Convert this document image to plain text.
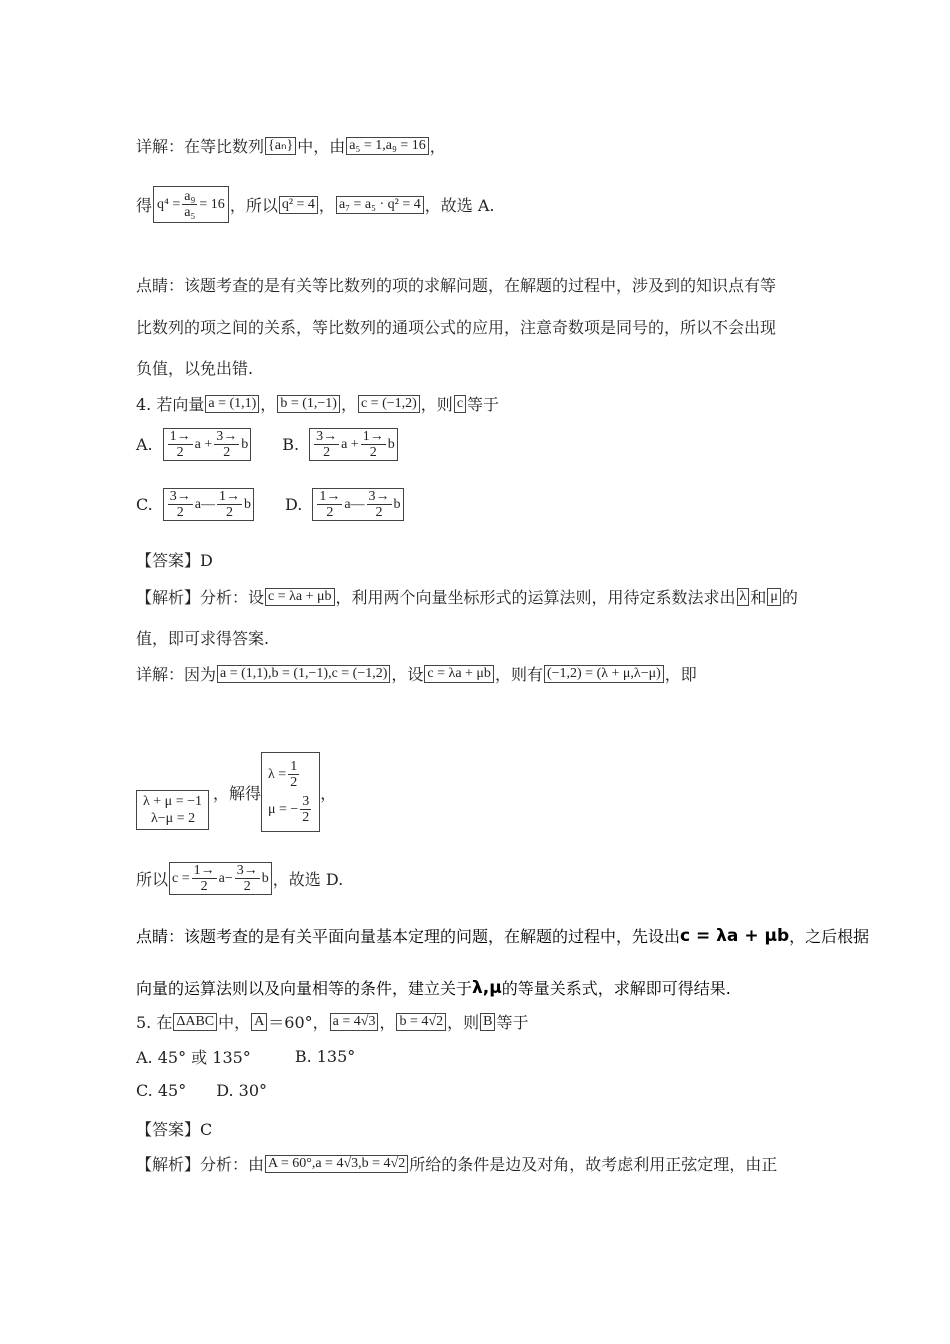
详解：在等比数列 {aₙ} 中，由 a₅ = 1,a₉ = 16 ，
得 $q^4 = \frac{\text{a₉}}{\text{a₅}} = 16$ ，所以 q² = 4 ， a₇ = a₅ · q² = 4 ，故选 A.
点睛：该题考查的是有关等比数列的项的求解问题，在解题的过程中，涉及到的知识点有等
比数列的项之间的关系，等比数列的通项公式的应用，注意奇数项是同号的，所以不会出现
负值，以免出错.
4. 若向量 a = (1,1) ， b = (1,−1) ， c = (−1,2) ，则 c 等于
A. $\frac{1\to}{2}$ $a + \frac{3\to}{2}$ b B. $\frac{3\to}{2}$ $a + \frac{1\to}{2}$ b
C. $\frac{3\to}{2}$ a— $\frac{1\to}{2}$ b D. $\frac{1\to}{2}$ a— $\frac{3\to}{2}$ b
【答案】D
【解析】分析：设 c = λa + μb ，利用两个向量坐标形式的运算法则，用待定系数法求出 λ 和 μ 的
值，即可求得答案.
详解：因为 a = (1,1),b = (1,−1),c = (−1,2) ，设 c = λa + μb ，则有 (−1,2) = (λ + μ,λ−μ) ，即
λ + μ = −1
λ−μ = 2
，解得
$\lambda = \frac{1}{2}$
μ = − $\frac{3}{2}$
，
所以 $c = \frac{1\to}{2} a- \frac{3\to}{2}$ b ，故选 D.
点睛：该题考查的是有关平面向量基本定理的问题，在解题的过程中，先设出 c = λa + μb ，之后根据
向量的运算法则以及向量相等的条件，建立关于 λ,μ 的等量关系式，求解即可得结果.
5. 在 ΔABC 中， A ＝60°， a = 4√3 ， b = 4√2 ，则 B 等于
A. 45° 或 135°	B. 135°
C. 45° D. 30°
【答案】C
【解析】分析：由 A = 60°,a = 4√3,b = 4√2 所给的条件是边及对角，故考虑利用正弦定理，由正
